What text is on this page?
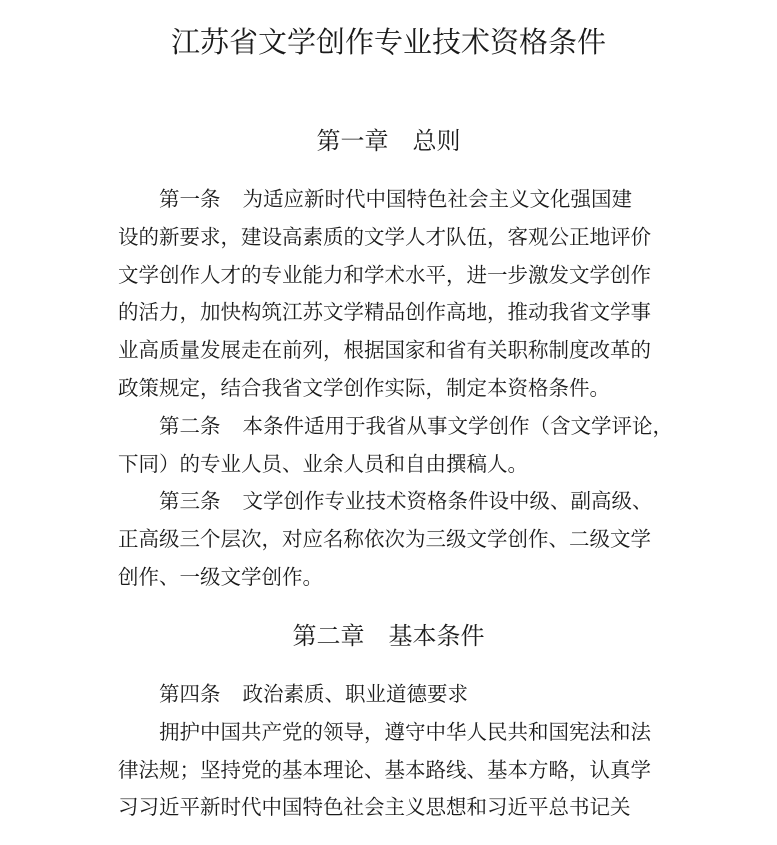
江苏省文学创作专业技术资格条件
第一章 总则
第一条 为适应新时代中国特色社会主义文化强国建
设的新要求，建设高素质的文学人才队伍，客观公正地评价
文学创作人才的专业能力和学术水平，进一步激发文学创作
的活力，加快构筑江苏文学精品创作高地，推动我省文学事
业高质量发展走在前列，根据国家和省有关职称制度改革的
政策规定，结合我省文学创作实际，制定本资格条件。
第二条 本条件适用于我省从事文学创作（含文学评论，
下同）的专业人员、业余人员和自由撰稿人。
第三条 文学创作专业技术资格条件设中级、副高级、
正高级三个层次，对应名称依次为三级文学创作、二级文学
创作、一级文学创作。
第二章 基本条件
第四条 政治素质、职业道德要求
拥护中国共产党的领导，遵守中华人民共和国宪法和法
律法规；坚持党的基本理论、基本路线、基本方略，认真学
习习近平新时代中国特色社会主义思想和习近平总书记关
